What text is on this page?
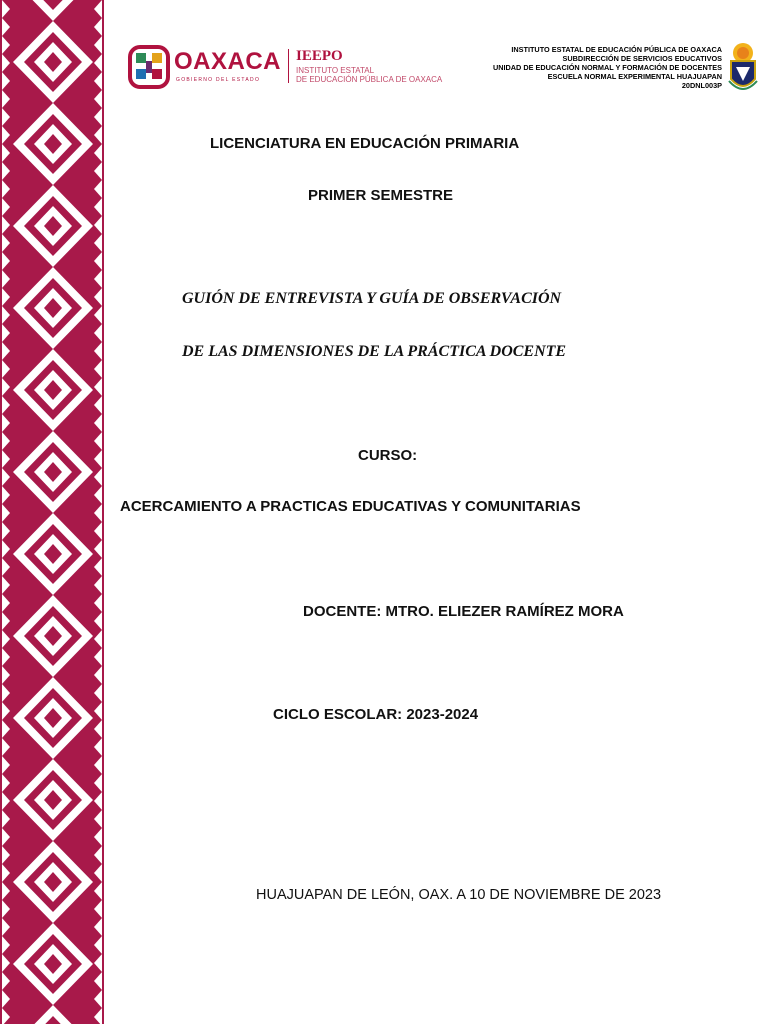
OAXACA
GOBIERNO DEL ESTADO
IEEPO
INSTITUTO ESTATAL
DE EDUCACIÓN PÚBLICA DE OAXACA
INSTITUTO ESTATAL DE EDUCACIÓN PÚBLICA DE OAXACA
SUBDIRECCIÓN DE SERVICIOS EDUCATIVOS
UNIDAD DE EDUCACIÓN NORMAL Y FORMACIÓN DE DOCENTES
ESCUELA NORMAL EXPERIMENTAL HUAJUAPAN
20DNL003P
LICENCIATURA EN EDUCACIÓN PRIMARIA
PRIMER SEMESTRE
GUIÓN DE ENTREVISTA Y GUÍA DE OBSERVACIÓN
DE LAS DIMENSIONES DE LA PRÁCTICA DOCENTE
CURSO:
ACERCAMIENTO A PRACTICAS EDUCATIVAS Y COMUNITARIAS
DOCENTE: MTRO. ELIEZER RAMÍREZ MORA
CICLO ESCOLAR: 2023-2024
HUAJUAPAN DE LEÓN, OAX. A 10 DE NOVIEMBRE DE 2023
